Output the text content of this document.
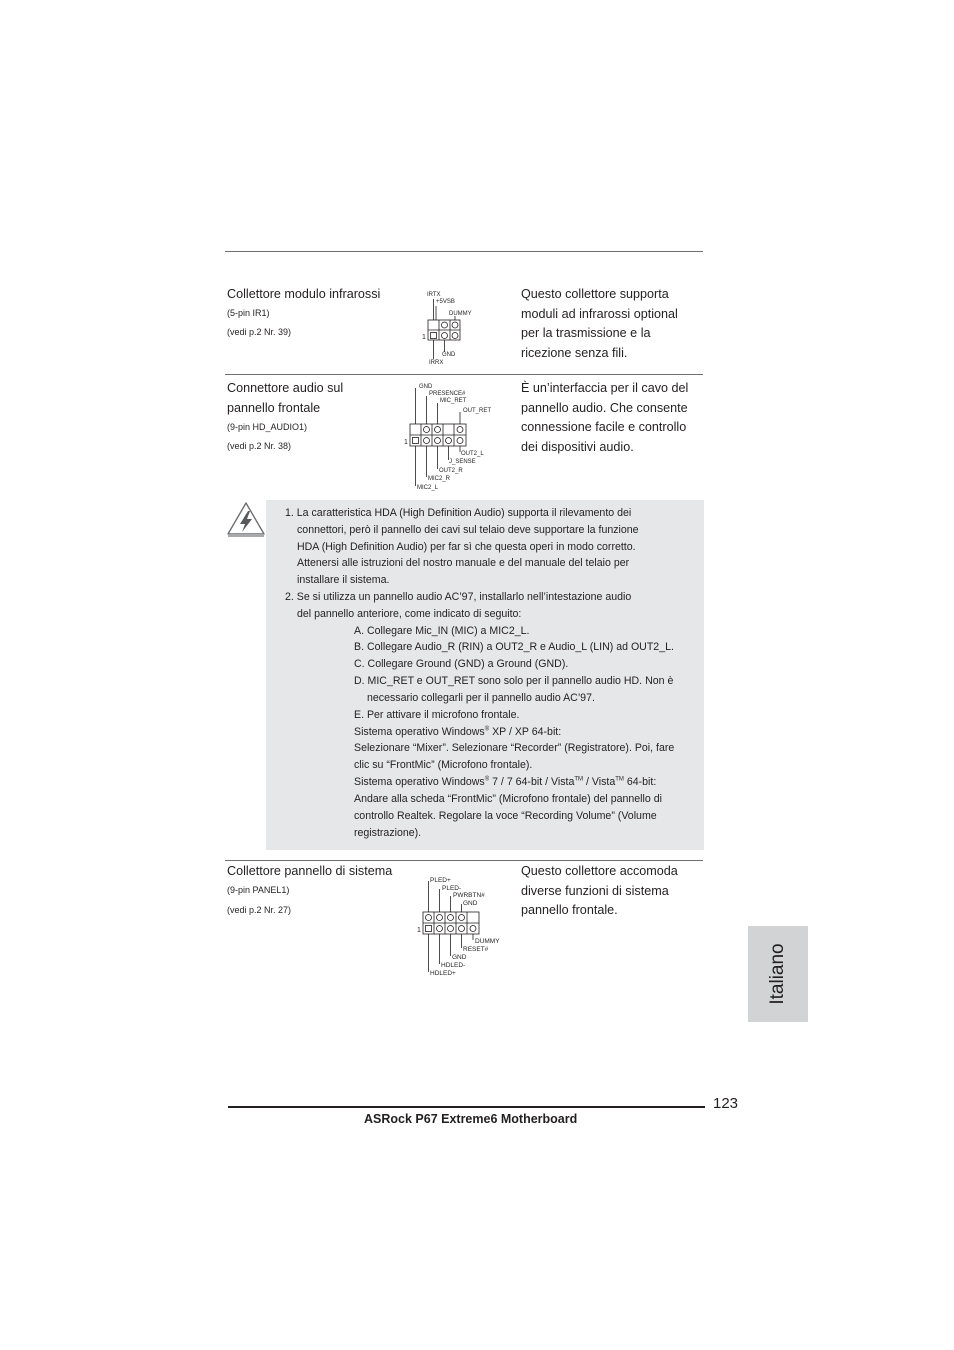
Collettore modulo infrarossi
(5-pin IR1)
(vedi p.2 Nr. 39)
IRTX
+5VSB
DUMMY
1
GND
IRRX
Questo collettore supporta
moduli ad infrarossi optional
per la trasmissione e la
ricezione senza fili.
Connettore audio sul
pannello frontale
(9-pin HD_AUDIO1)
(vedi p.2 Nr. 38)
GND
PRESENCE#
MIC_RET
OUT_RET
1
OUT2_L
J_SENSE
OUT2_R
MIC2_R
MIC2_L
È un’interfaccia per il cavo del
pannello audio. Che consente
connessione facile e controllo
dei dispositivi audio.
1. La caratteristica HDA (High Definition Audio) supporta il rilevamento dei
connettori, però il pannello dei cavi sul telaio deve supportare la funzione
HDA (High Definition Audio) per far sì che questa operi in modo corretto.
Attenersi alle istruzioni del nostro manuale e del manuale del telaio per
installare il sistema.
2. Se si utilizza un pannello audio AC’97, installarlo nell’intestazione audio
del pannello anteriore, come indicato di seguito:
A. Collegare Mic_IN (MIC) a MIC2_L.
B. Collegare Audio_R (RIN) a OUT2_R e Audio_L (LIN) ad OUT2_L.
C. Collegare Ground (GND) a Ground (GND).
D. MIC_RET e OUT_RET sono solo per il pannello audio HD. Non è
necessario collegarli per il pannello audio AC’97.
E. Per attivare il microfono frontale.
Sistema operativo Windows® XP / XP 64-bit:
Selezionare “Mixer”. Selezionare “Recorder” (Registratore). Poi, fare
clic su “FrontMic” (Microfono frontale).
Sistema operativo Windows® 7 / 7 64-bit / Vista™ / Vista™ 64-bit:
Andare alla scheda “FrontMic” (Microfono frontale) del pannello di
controllo Realtek. Regolare la voce “Recording Volume” (Volume
registrazione).
Collettore pannello di sistema
(9-pin PANEL1)
(vedi p.2 Nr. 27)
PLED+
PLED-
PWRBTN#
GND
1
DUMMY
RESET#
GND
HDLED-
HDLED+
Questo collettore accomoda
diverse funzioni di sistema
pannello frontale.
Italiano
123
ASRock P67 Extreme6 Motherboard
